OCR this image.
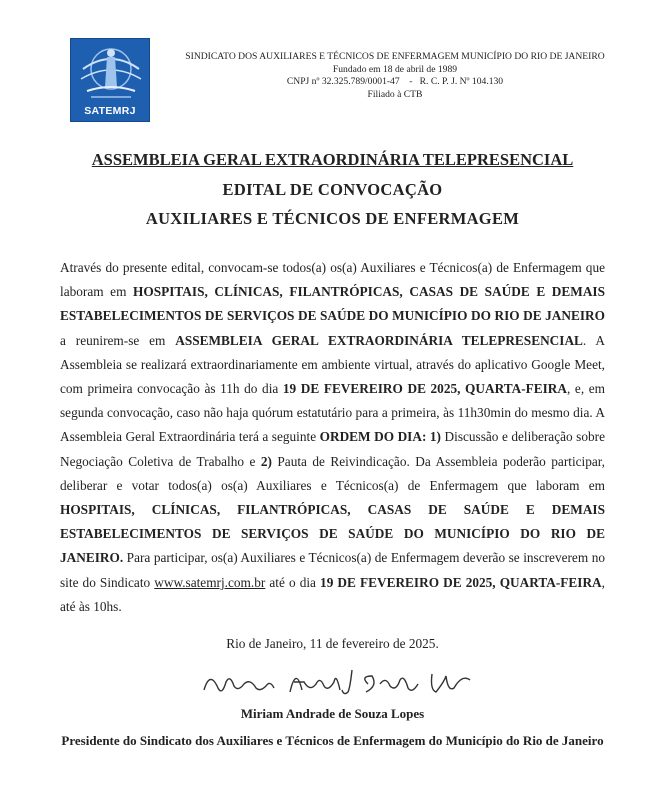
SATEMRJ
SINDICATO DOS AUXILIARES E TÉCNICOS DE ENFERMAGEM MUNICÍPIO DO RIO DE JANEIRO
Fundado em 18 de abril de 1989
CNPJ nº 32.325.789/0001-47    -   R. C. P. J. Nº 104.130
Filiado à CTB
ASSEMBLEIA GERAL EXTRAORDINÁRIA TELEPRESENCIAL
EDITAL DE CONVOCAÇÃO
AUXILIARES E TÉCNICOS DE ENFERMAGEM
Através do presente edital, convocam-se todos(a) os(a) Auxiliares e Técnicos(a) de Enfermagem que laboram em HOSPITAIS, CLÍNICAS, FILANTRÓPICAS, CASAS DE SAÚDE E DEMAIS ESTABELECIMENTOS DE SERVIÇOS DE SAÚDE DO MUNICÍPIO DO RIO DE JANEIRO a reunirem-se em ASSEMBLEIA GERAL EXTRAORDINÁRIA TELEPRESENCIAL. A Assembleia se realizará extraordinariamente em ambiente virtual, através do aplicativo Google Meet, com primeira convocação às 11h do dia 19 DE FEVEREIRO DE 2025, QUARTA-FEIRA, e, em segunda convocação, caso não haja quórum estatutário para a primeira, às 11h30min do mesmo dia. A Assembleia Geral Extraordinária terá a seguinte ORDEM DO DIA: 1) Discussão e deliberação sobre Negociação Coletiva de Trabalho e 2) Pauta de Reivindicação. Da Assembleia poderão participar, deliberar e votar todos(a) os(a) Auxiliares e Técnicos(a) de Enfermagem que laboram em HOSPITAIS, CLÍNICAS, FILANTRÓPICAS, CASAS DE SAÚDE E DEMAIS ESTABELECIMENTOS DE SERVIÇOS DE SAÚDE DO MUNICÍPIO DO RIO DE JANEIRO. Para participar, os(a) Auxiliares e Técnicos(a) de Enfermagem deverão se inscreverem no site do Sindicato www.satemrj.com.br até o dia 19 DE FEVEREIRO DE 2025, QUARTA-FEIRA, até às 10hs.
Rio de Janeiro, 11 de fevereiro de 2025.
Miriam Andrade de Souza Lopes
Presidente do Sindicato dos Auxiliares e Técnicos de Enfermagem do Município do Rio de Janeiro
